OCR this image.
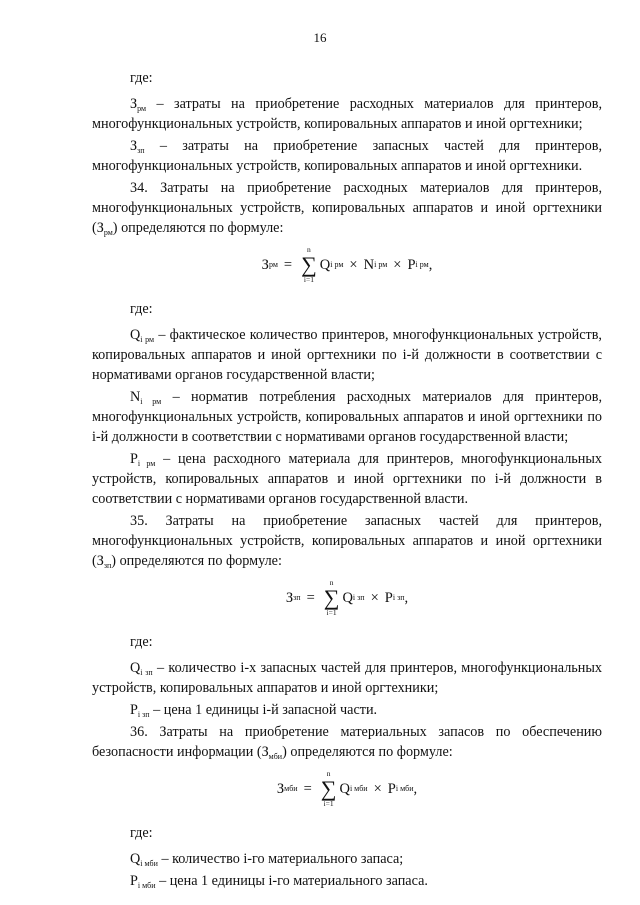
16
где:
$З_{рм}$ – затраты на приобретение расходных материалов для принтеров, многофункциональных устройств, копировальных аппаратов и иной оргтехники;
$З_{зп}$ – затраты на приобретение запасных частей для принтеров, многофункциональных устройств, копировальных аппаратов и иной оргтехники.
34. Затраты на приобретение расходных материалов для принтеров, многофункциональных устройств, копировальных аппаратов и иной оргтехники $(З_{рм})$ определяются по формуле:
З рм =
n
∑
i=1
Q i рм × N i рм × P i рм ,
где:
$Q_{i рм}$ – фактическое количество принтеров, многофункциональных устройств, копировальных аппаратов и иной оргтехники по i-й должности в соответствии с нормативами органов государственной власти;
$N_{i рм}$ – норматив потребления расходных материалов для принтеров, многофункциональных устройств, копировальных аппаратов и иной оргтехники по i-й должности в соответствии с нормативами органов государственной власти;
$P_{i рм}$ – цена расходного материала для принтеров, многофункциональных устройств, копировальных аппаратов и иной оргтехники по i-й должности в соответствии с нормативами органов государственной власти.
35. Затраты на приобретение запасных частей для принтеров, многофункциональных устройств, копировальных аппаратов и иной оргтехники $(З_{зп})$ определяются по формуле:
З зп =
n
∑
i=1
Q i зп × P i зп ,
где:
$Q_{i зп}$ – количество i-х запасных частей для принтеров, многофункциональных устройств, копировальных аппаратов и иной оргтехники;
$P_{i зп}$ – цена 1 единицы i-й запасной части.
36. Затраты на приобретение материальных запасов по обеспечению безопасности информации $(З_{мби})$ определяются по формуле:
З мби =
n
∑
i=1
Q i мби × P i мби ,
где:
$Q_{i мби}$ – количество i-го материального запаса;
$P_{i мби}$ – цена 1 единицы i-го материального запаса.
